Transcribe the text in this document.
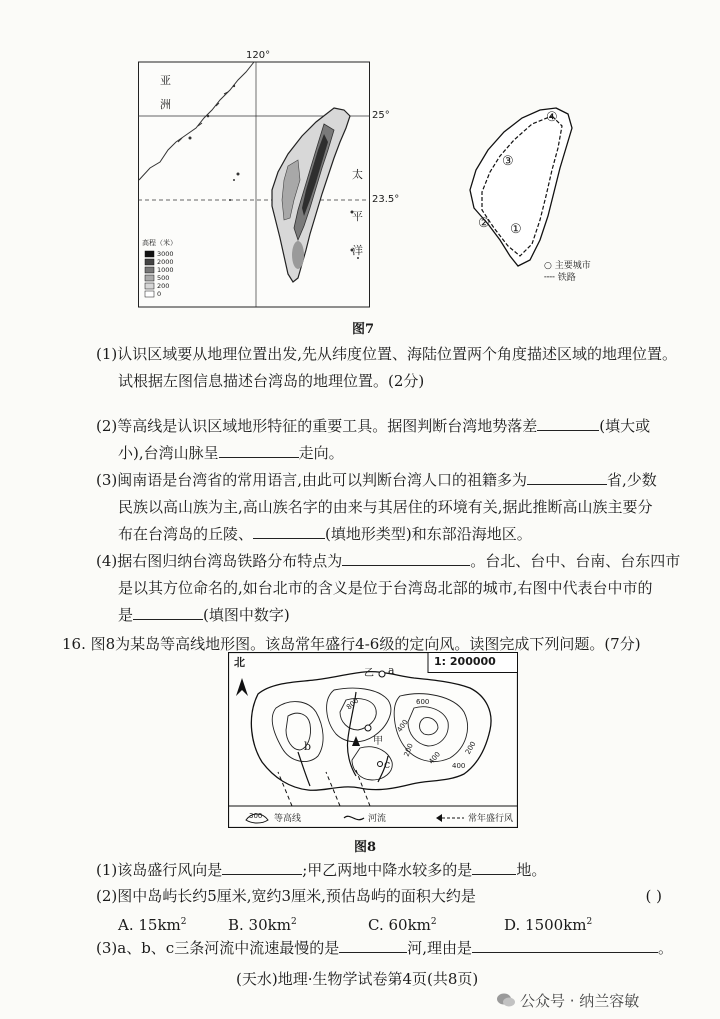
120°
25°
23.5°
亚
洲
太
平
洋
高程（米）
3000
2000
1000
500
200
0
④
③
② ①
○ 主要城市
╌╌ 铁路
图7
(1)认识区域要从地理位置出发,先从纬度位置、海陆位置两个角度描述区域的地理位置。
试根据左图信息描述台湾岛的地理位置。(2分)
(2)等高线是认识区域地形特征的重要工具。据图判断台湾地势落差	(填大或
小),台湾山脉呈	走向。
(3)闽南语是台湾省的常用语言,由此可以判断台湾人口的祖籍多为	省,少数
民族以高山族为主,高山族名字的由来与其居住的环境有关,据此推断高山族主要分
布在台湾岛的丘陵、	(填地形类型)和东部沿海地区。
(4)据右图归纳台湾岛铁路分布特点为	。台北、台中、台南、台东四市
是以其方位命名的,如台北市的含义是位于台湾岛北部的城市,右图中代表台中市的
是	(填图中数字)
16. 图8为某岛等高线地形图。该岛常年盛行4-6级的定向风。读图完成下列问题。(7分)
北	1: 200000
乙 a
甲
b
c
800	600
400
200
400
400
200
300 等高线	河流	常年盛行风
图8
(1)该岛盛行风向是	;甲乙两地中降水较多的是	地。
(2)图中岛屿长约5厘米,宽约3厘米,预估岛屿的面积大约是	( )
A. $15km^2$	B. $30km^2$	C. $60km^2$	D. $1500km^2$
(3)a、b、c三条河流中流速最慢的是	河,理由是	。
(天水)地理·生物学试卷第4页(共8页)
公众号 · 纳兰容敏
